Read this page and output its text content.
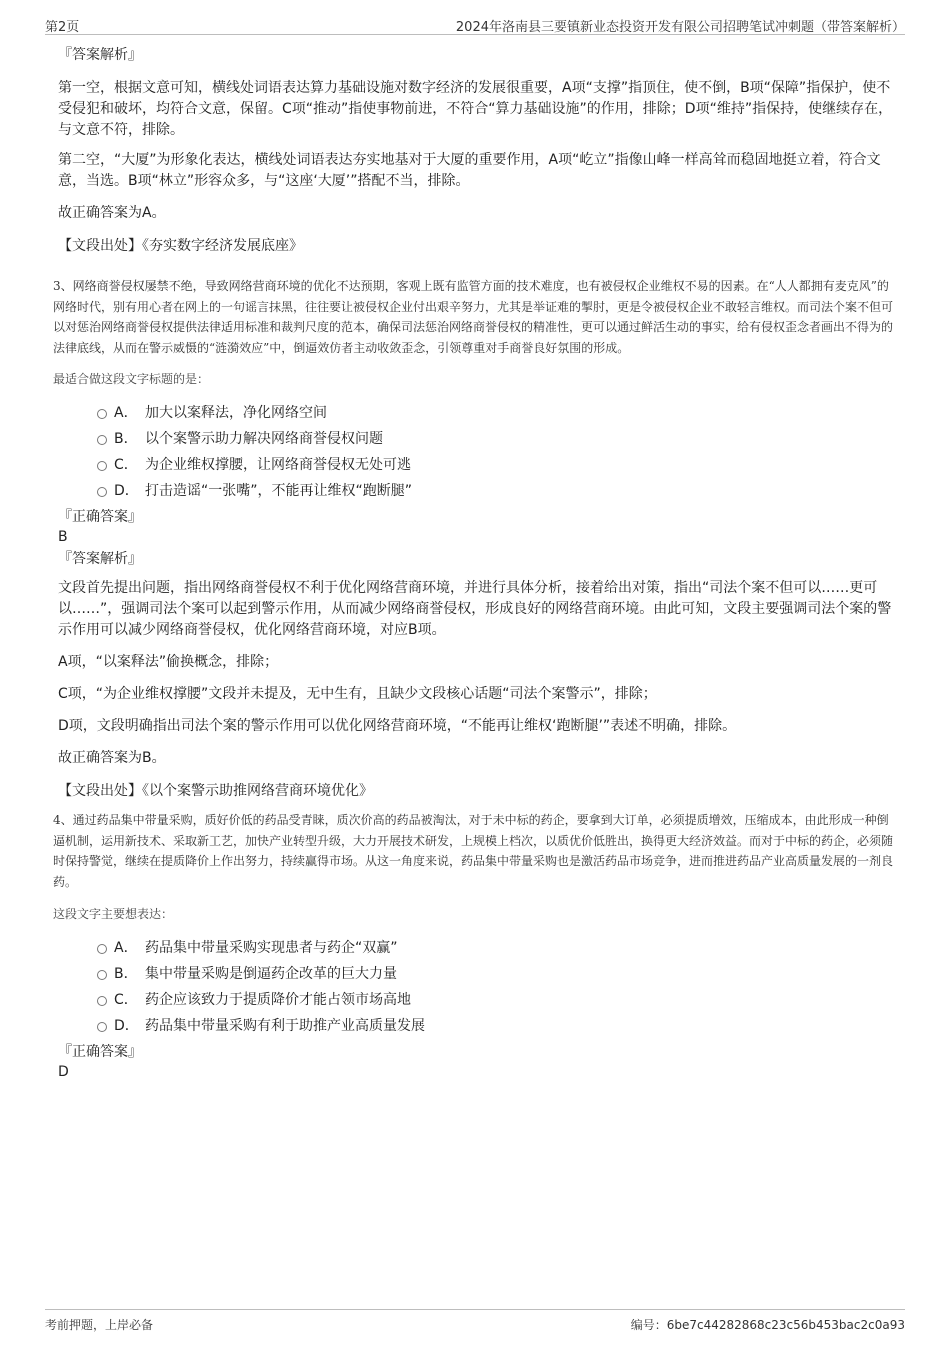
第2页	2024年洛南县三要镇新业态投资开发有限公司招聘笔试冲刺题（带答案解析）
『答案解析』

第一空，根据文意可知，横线处词语表达算力基础设施对数字经济的发展很重要，A项“支撑”指顶住，使不倒，B项“保障”指保护，使不受侵犯和破坏，均符合文意，保留。C项“推动”指使事物前进，不符合“算力基础设施”的作用，排除；D项“维持”指保持，使继续存在，与文意不符，排除。

第二空，“大厦”为形象化表达，横线处词语表达夯实地基对于大厦的重要作用，A项“屹立”指像山峰一样高耸而稳固地挺立着，符合文意，当选。B项“林立”形容众多，与“这座‘大厦’”搭配不当，排除。

故正确答案为A。

【文段出处】《夯实数字经济发展底座》

3、网络商誉侵权屡禁不绝，导致网络营商环境的优化不达预期，客观上既有监管方面的技术难度，也有被侵权企业维权不易的因素。在“人人都拥有麦克风”的网络时代，别有用心者在网上的一句谣言抹黑，往往要让被侵权企业付出艰辛努力，尤其是举证难的掣肘，更是令被侵权企业不敢轻言维权。而司法个案不但可以对惩治网络商誉侵权提供法律适用标准和裁判尺度的范本，确保司法惩治网络商誉侵权的精准性，更可以通过鲜活生动的事实，给有侵权歪念者画出不得为的法律底线，从而在警示威慑的“涟漪效应”中，倒逼效仿者主动收敛歪念，引领尊重对手商誉良好氛围的形成。

最适合做这段文字标题的是：

A． 加大以案释法，净化网络空间
B． 以个案警示助力解决网络商誉侵权问题
C． 为企业维权撑腰，让网络商誉侵权无处可逃
D． 打击造谣“一张嘴”，不能再让维权“跑断腿”
『正确答案』
B
『答案解析』

文段首先提出问题，指出网络商誉侵权不利于优化网络营商环境，并进行具体分析，接着给出对策，指出“司法个案不但可以……更可以……”，强调司法个案可以起到警示作用，从而减少网络商誉侵权，形成良好的网络营商环境。由此可知，文段主要强调司法个案的警示作用可以减少网络商誉侵权，优化网络营商环境，对应B项。

A项，“以案释法”偷换概念，排除；

C项，“为企业维权撑腰”文段并未提及，无中生有，且缺少文段核心话题“司法个案警示”，排除；

D项，文段明确指出司法个案的警示作用可以优化网络营商环境，“不能再让维权‘跑断腿’”表述不明确，排除。

故正确答案为B。

【文段出处】《以个案警示助推网络营商环境优化》

4、通过药品集中带量采购，质好价低的药品受青睐，质次价高的药品被淘汰，对于未中标的药企，要拿到大订单，必须提质增效，压缩成本，由此形成一种倒逼机制，运用新技术、采取新工艺，加快产业转型升级，大力开展技术研发，上规模上档次，以质优价低胜出，换得更大经济效益。而对于中标的药企，必须随时保持警觉，继续在提质降价上作出努力，持续赢得市场。从这一角度来说，药品集中带量采购也是激活药品市场竞争，进而推进药品产业高质量发展的一剂良药。

这段文字主要想表达：

A． 药品集中带量采购实现患者与药企“双赢”
B． 集中带量采购是倒逼药企改革的巨大力量
C． 药企应该致力于提质降价才能占领市场高地
D． 药品集中带量采购有利于助推产业高质量发展
『正确答案』
D
考前押题，上岸必备	编号：6be7c44282868c23c56b453bac2c0a93
